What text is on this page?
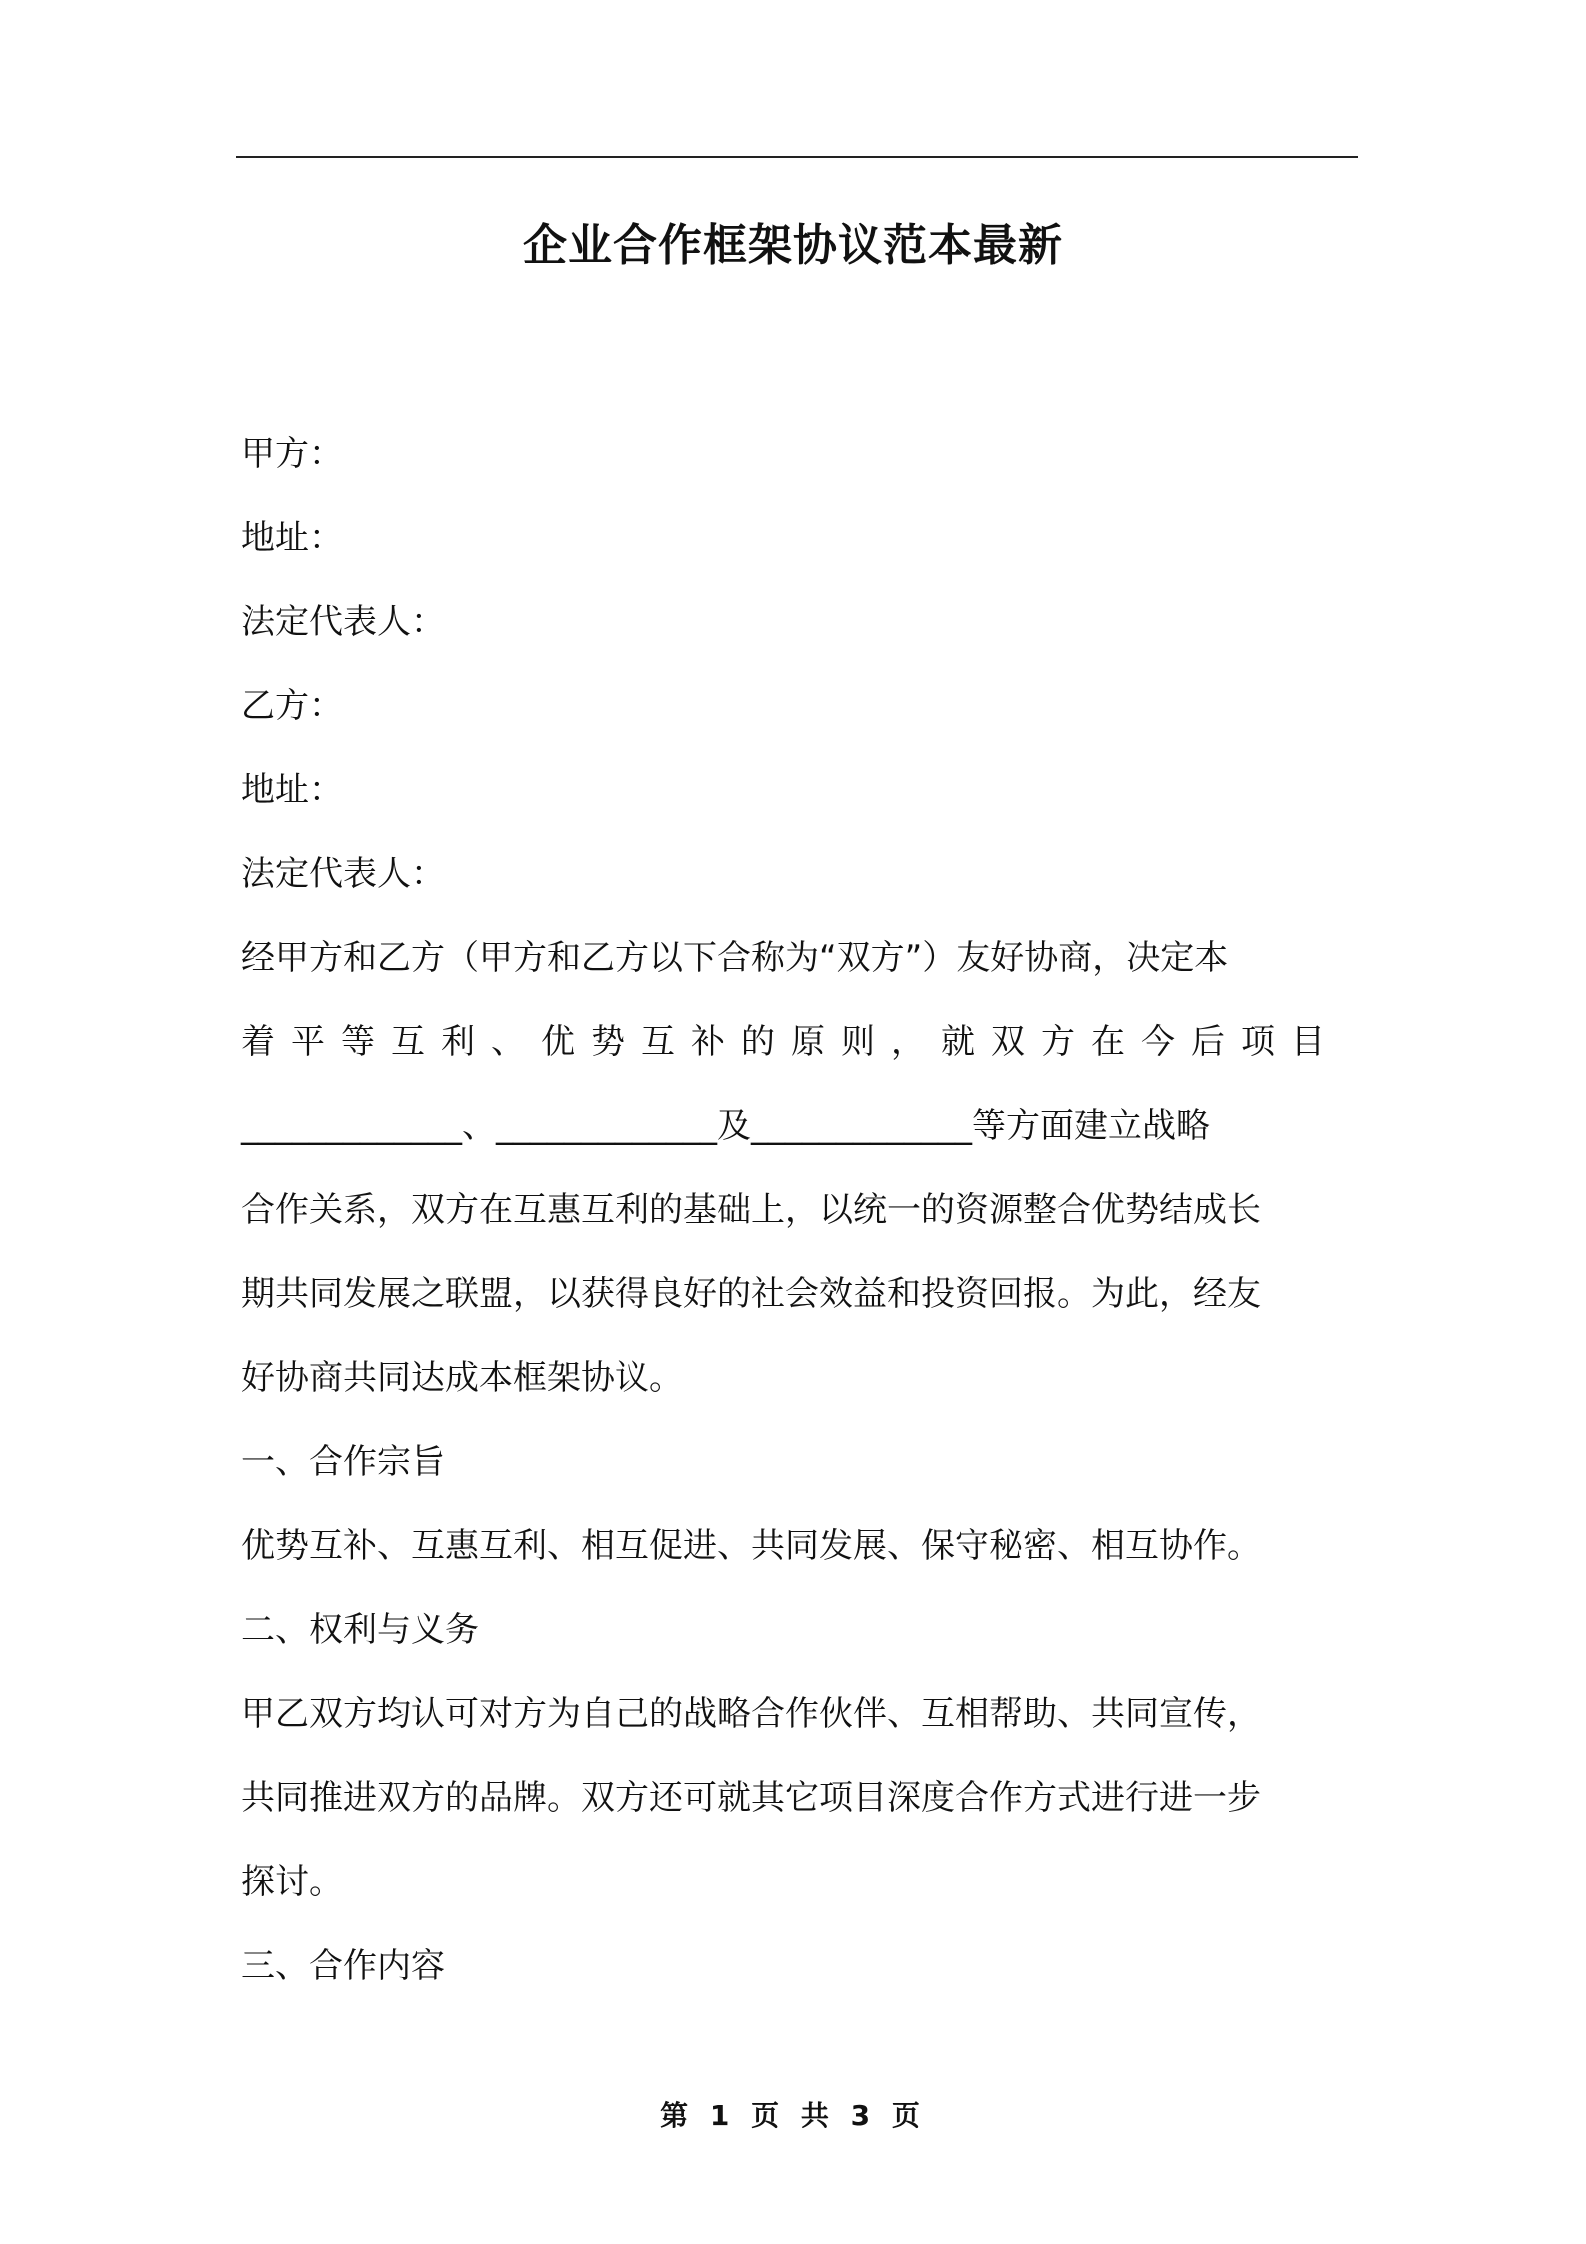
企业合作框架协议范本最新
甲方：
地址：
法定代表人：
乙方：
地址：
法定代表人：
经甲方和乙方（甲方和乙方以下合称为“双方”）友好协商，决定本
着平等互利、优势互补的原则，就双方在今后项目
_____________、_____________及_____________等方面建立战略
合作关系，双方在互惠互利的基础上，以统一的资源整合优势结成长
期共同发展之联盟，以获得良好的社会效益和投资回报。为此，经友
好协商共同达成本框架协议。
一、合作宗旨
优势互补、互惠互利、相互促进、共同发展、保守秘密、相互协作。
二、权利与义务
甲乙双方均认可对方为自己的战略合作伙伴、互相帮助、共同宣传，
共同推进双方的品牌。双方还可就其它项目深度合作方式进行进一步
探讨。
三、合作内容
第 1 页 共 3 页
